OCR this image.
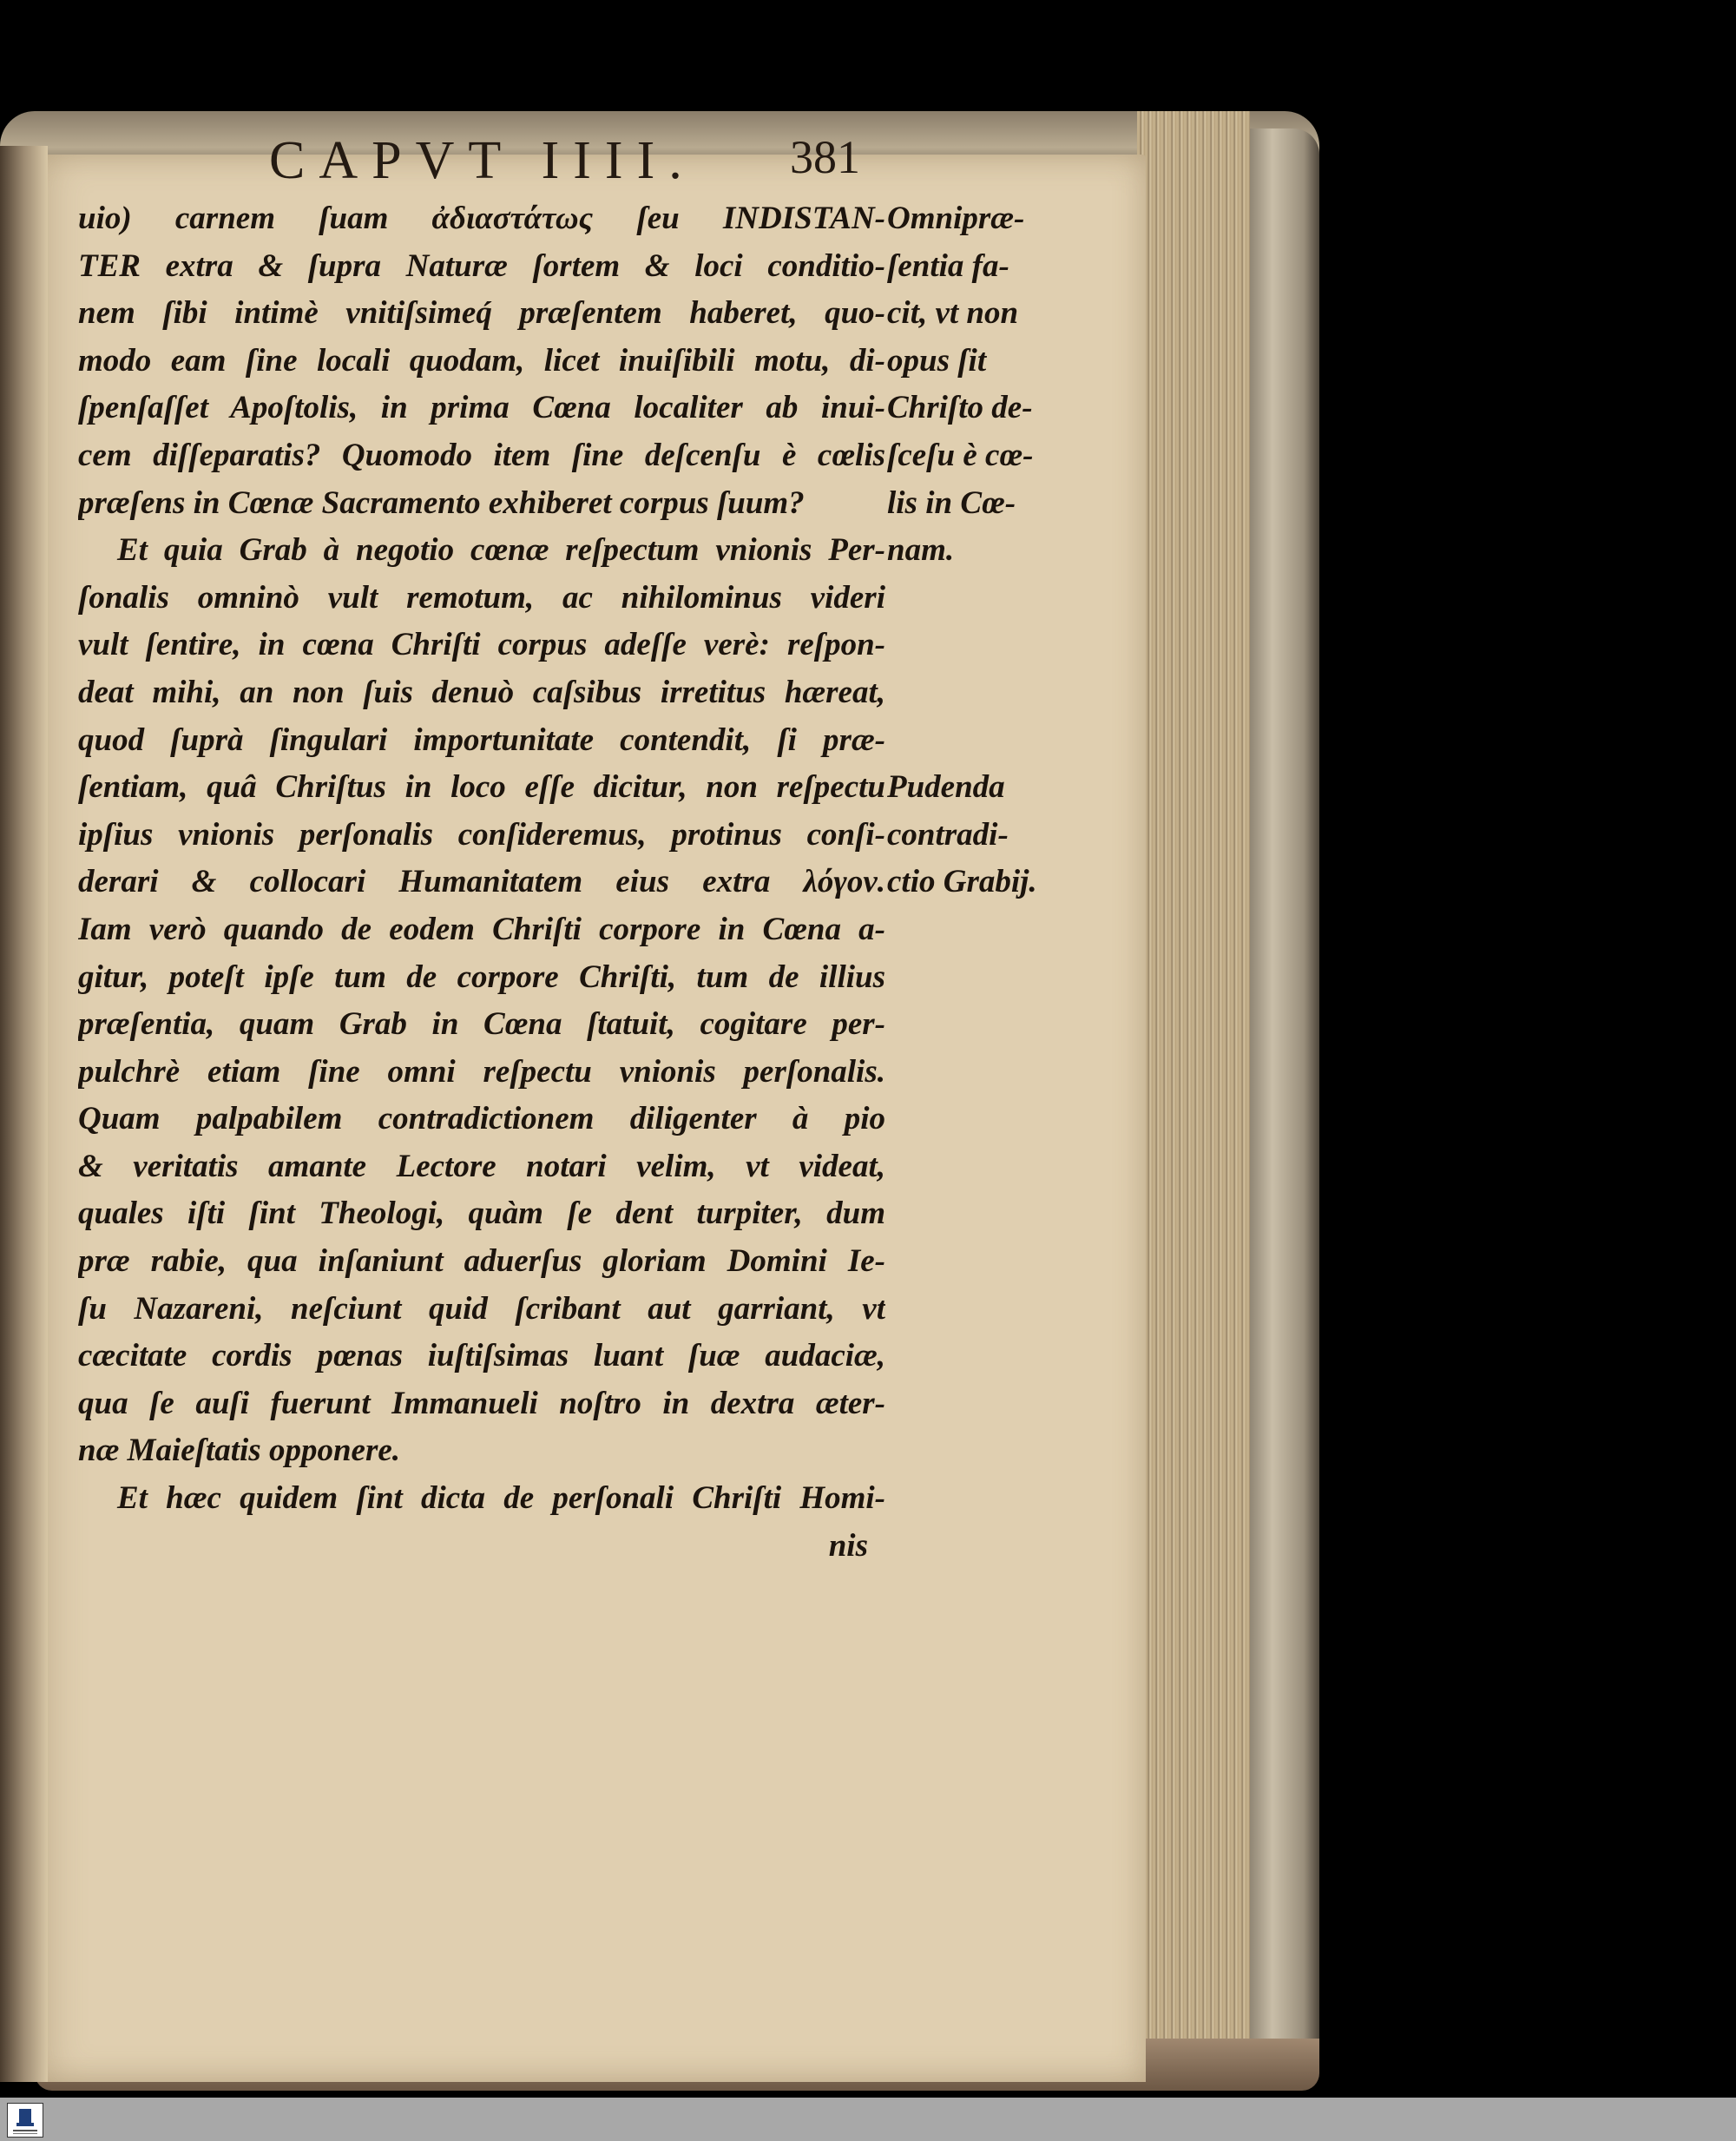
CAPVT IIII. 381
uio) carnem ſuam ἀδιαστάτως ſeu INDISTAN-
TER extra & ſupra Naturæ ſortem & loci conditio-
nem ſibi intimè vnitiſsimeq́ præſentem haberet, quo-
modo eam ſine locali quodam, licet inuiſibili motu, di-
ſpenſaſſet Apoſtolis, in prima Cœna localiter ab inui-
cem diſſeparatis? Quomodo item ſine deſcenſu è cœlis
præſens in Cœnæ Sacramento exhiberet corpus ſuum?
Et quia Grab à negotio cœnæ reſpectum vnionis Per-
ſonalis omninò vult remotum, ac nihilominus videri
vult ſentire, in cœna Chriſti corpus adeſſe verè: reſpon-
deat mihi, an non ſuis denuò caſsibus irretitus hæreat,
quod ſuprà ſingulari importunitate contendit, ſi præ-
ſentiam, quâ Chriſtus in loco eſſe dicitur, non reſpectu
ipſius vnionis perſonalis conſideremus, protinus conſi-
derari & collocari Humanitatem eius extra λόγον.
Iam verò quando de eodem Chriſti corpore in Cœna a-
gitur, poteſt ipſe tum de corpore Chriſti, tum de illius
præſentia, quam Grab in Cœna ſtatuit, cogitare per-
pulchrè etiam ſine omni reſpectu vnionis perſonalis.
Quam palpabilem contradictionem diligenter à pio
& veritatis amante Lectore notari velim, vt videat,
quales iſti ſint Theologi, quàm ſe dent turpiter, dum
præ rabie, qua inſaniunt aduerſus gloriam Domini Ie-
ſu Nazareni, neſciunt quid ſcribant aut garriant, vt
cæcitate cordis pœnas iuſtiſsimas luant ſuæ audaciæ,
qua ſe auſi fuerunt Immanueli noſtro in dextra æter-
næ Maieſtatis opponere.
Et hæc quidem ſint dicta de perſonali Chriſti Homi-
nis
Omnipræ-
ſentia fa-
cit, vt non
opus ſit
Chriſto de-
ſceſu è cœ-
lis in Cœ-
nam.
Pudenda
contradi-
ctio Grabij.
